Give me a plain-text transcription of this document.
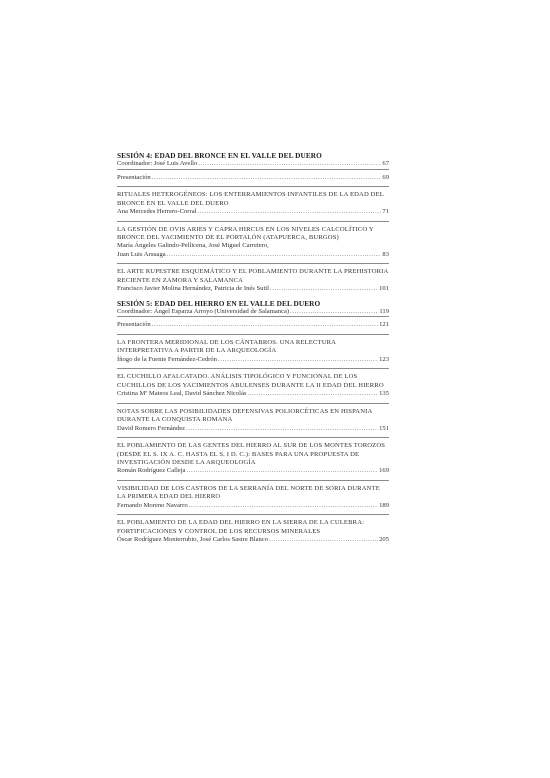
SESIÓN 4: EDAD DEL BRONCE EN EL VALLE DEL DUERO
Coordinador: José Luis Avello .....	67
Presentación .....	69
RITUALES HETEROGÉNEOS: LOS ENTERRAMIENTOS INFANTILES DE LA EDAD DEL BRONCE EN EL VALLE DEL DUERO
Ana Mercedes Herrero-Corral .....	71
LA GESTIÓN DE OVIS ARIES Y CAPRA HIRCUS EN LOS NIVELES CALCOLÍTICO Y BRONCE DEL YACIMIENTO DE EL PORTALÓN (ATAPUERCA, BURGOS)
María Ángeles Galindo-Pellicena, José Miguel Carretero,
Juan Luis Arsuaga .....	83
EL ARTE RUPESTRE ESQUEMÁTICO Y EL POBLAMIENTO DURANTE LA PREHISTORIA RECIENTE EN ZAMORA Y SALAMANCA
Francisco Javier Molina Hernández, Patricia de Inés Sutil .....	101
SESIÓN 5: EDAD DEL HIERRO EN EL VALLE DEL DUERO
Coordinador: Ángel Esparza Arroyo (Universidad de Salamanca) .....	119
Presentación .....	121
LA FRONTERA MERIDIONAL DE LOS CÁNTABROS. UNA RELECTURA INTERPRETATIVA A PARTIR DE LA ARQUEOLOGÍA
Íñogo de la Fuente Fernández-Cedrón .....	123
EL CUCHILLO AFALCATADO. ANÁLISIS TIPOLÓGICO Y FUNCIONAL DE LOS CUCHILLOS DE LOS YACIMIENTOS ABULENSES DURANTE LA II EDAD DEL HIERRO
Cristina Mª Mateos Leal, David Sánchez Nicolás .....	135
NOTAS SOBRE LAS POSIBILIDADES DEFENSIVAS POLIORCÉTICAS EN HISPANIA DURANTE LA CONQUISTA ROMANA
David Romero Fernández .....	151
EL POBLAMIENTO DE LAS GENTES DEL HIERRO AL SUR DE LOS MONTES TOROZOS (DESDE EL S. IX A. C. HASTA EL S. I D. C.): BASES PARA UNA PROPUESTA DE INVESTIGACIÓN DESDE LA ARQUEOLOGÍA
Román Rodríguez Calleja .....	169
VISIBILIDAD DE LOS CASTROS DE LA SERRANÍA DEL NORTE DE SORIA DURANTE LA PRIMERA EDAD DEL HIERRO
Fernando Moreno Navarro .....	189
EL POBLAMIENTO DE LA EDAD DEL HIERRO EN LA SIERRA DE LA CULEBRA: FORTIFICACIONES Y CONTROL DE LOS RECURSOS MINERALES
Óscar Rodríguez Monterrubio, José Carlos Sastre Blanco .....	205
